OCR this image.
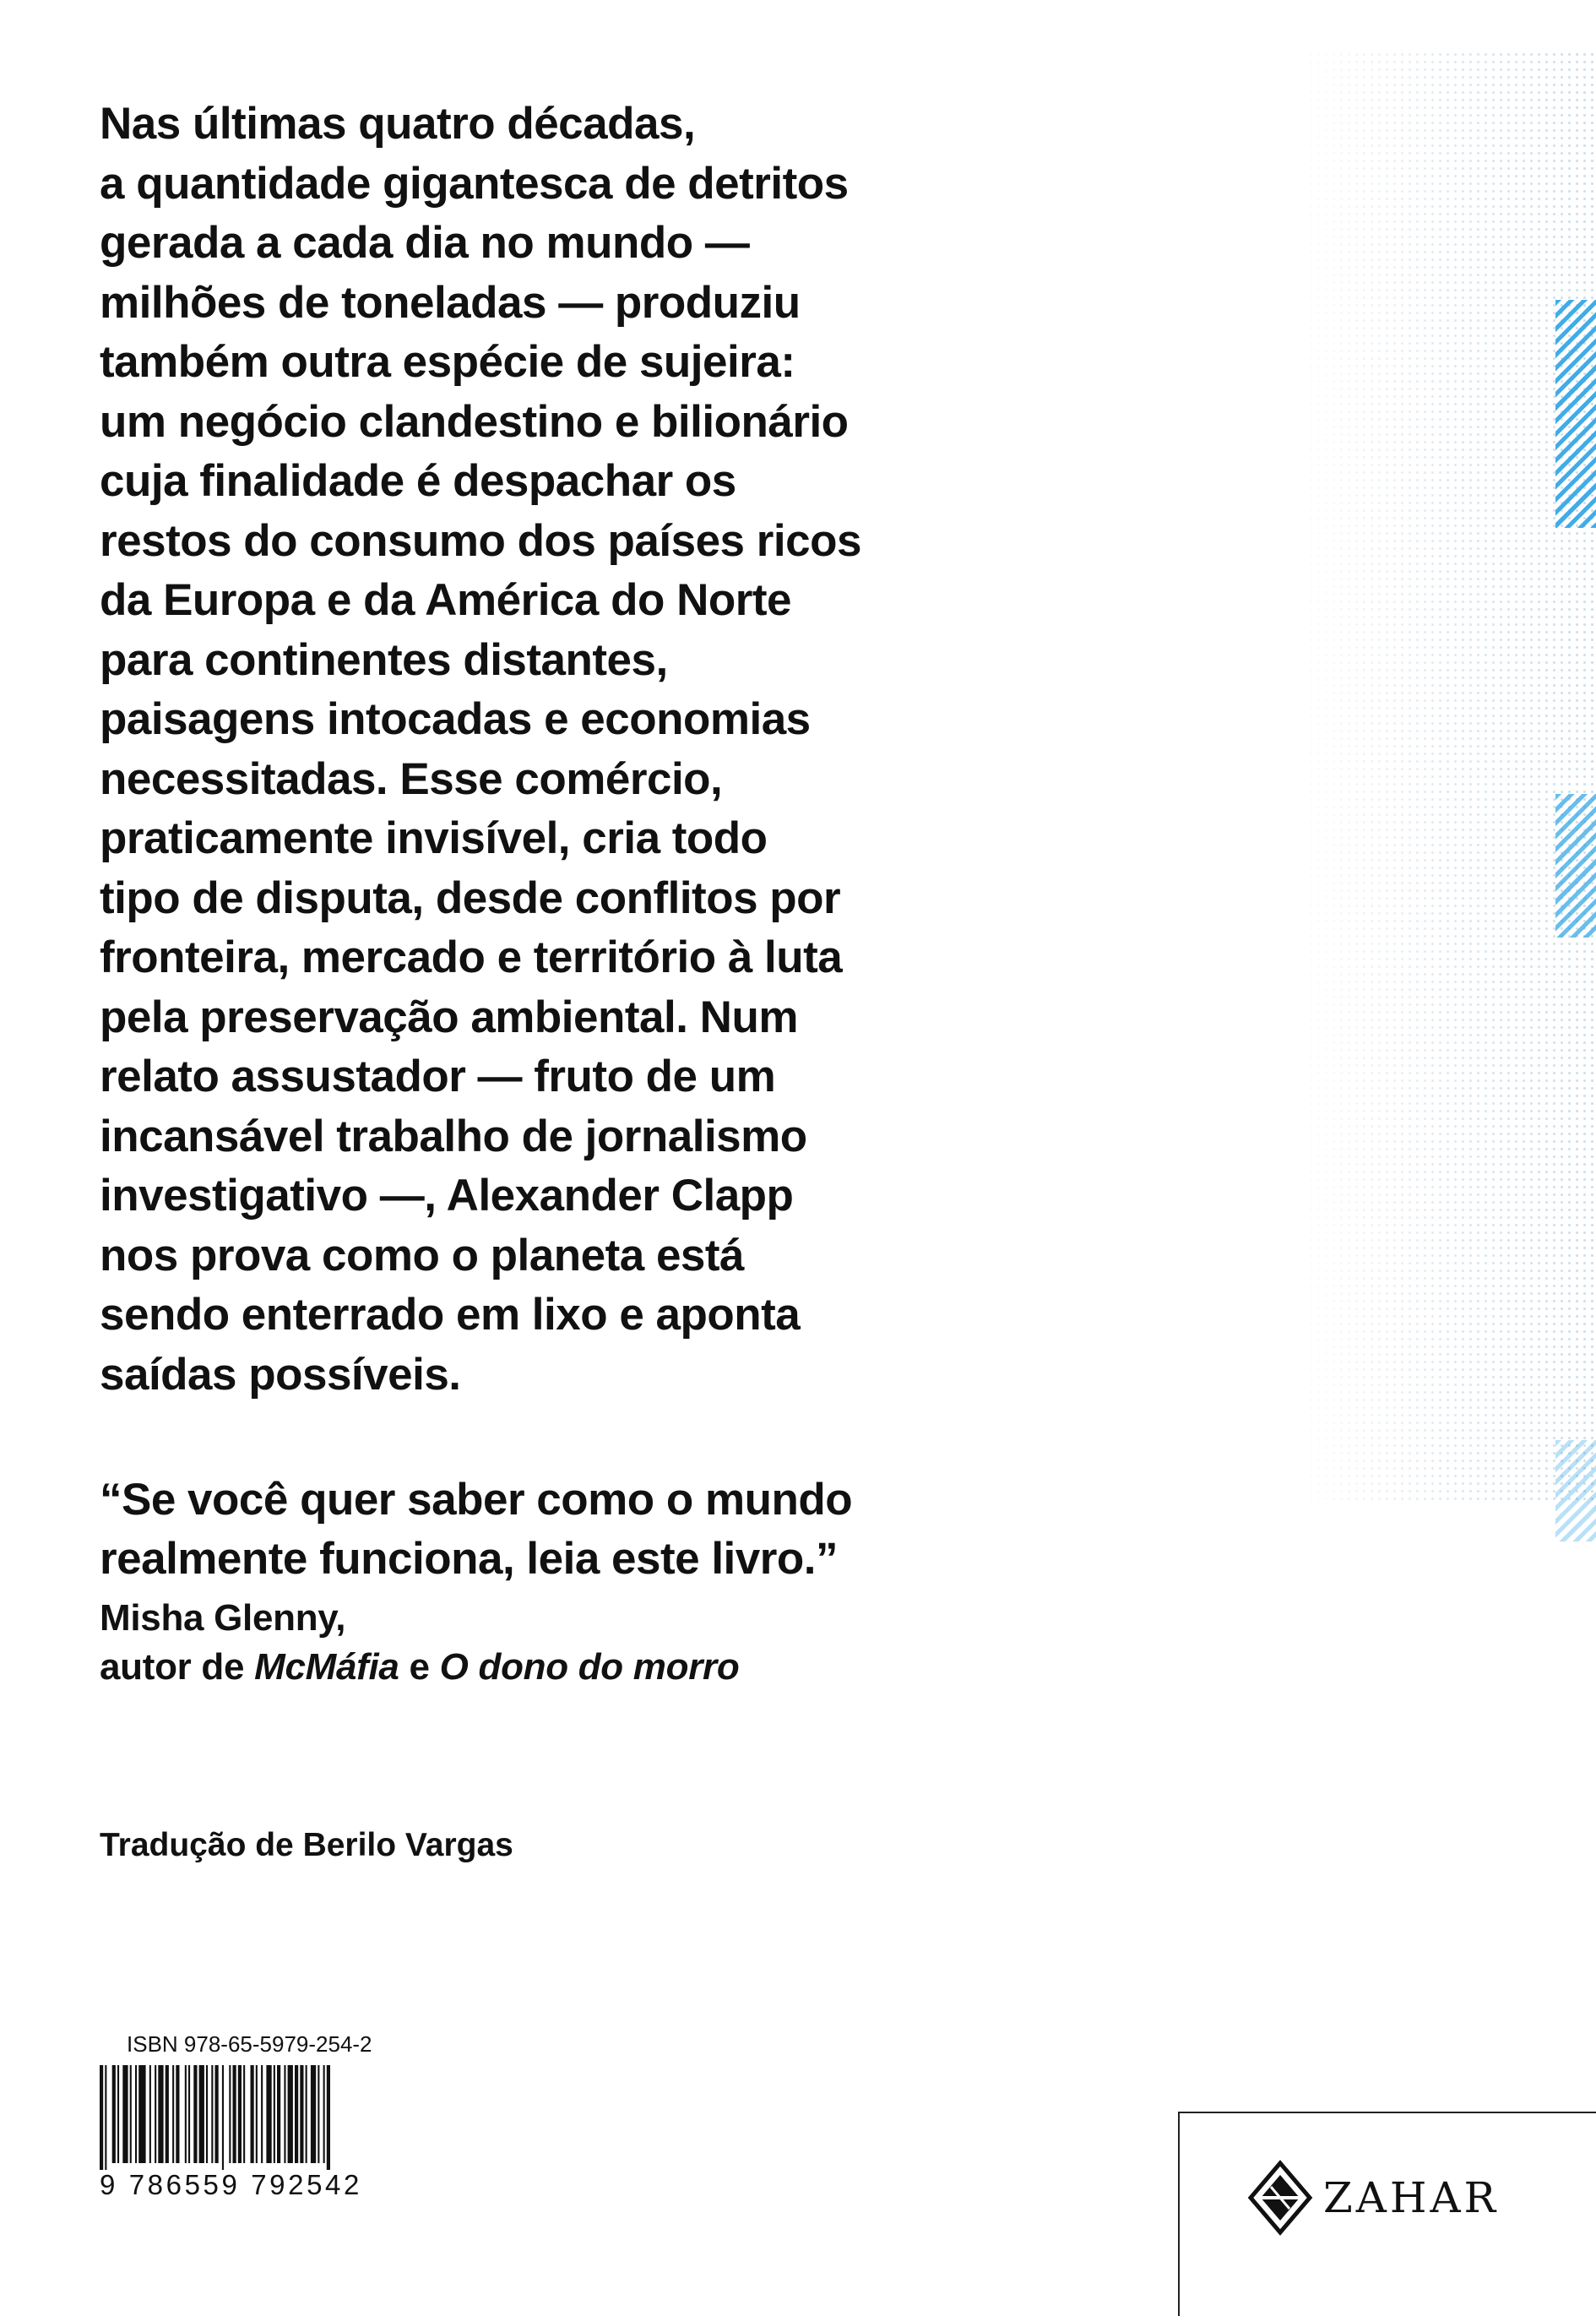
Nas últimas quatro décadas,
a quantidade gigantesca de detritos
gerada a cada dia no mundo —
milhões de toneladas — produziu
também outra espécie de sujeira:
um negócio clandestino e bilionário
cuja finalidade é despachar os
restos do consumo dos países ricos
da Europa e da América do Norte
para continentes distantes,
paisagens intocadas e economias
necessitadas. Esse comércio,
praticamente invisível, cria todo
tipo de disputa, desde conflitos por
fronteira, mercado e território à luta
pela preservação ambiental. Num
relato assustador — fruto de um
incansável trabalho de jornalismo
investigativo —, Alexander Clapp
nos prova como o planeta está
sendo enterrado em lixo e aponta
saídas possíveis.

“Se você quer saber como o mundo
realmente funciona, leia este livro.”

Misha Glenny,
autor de McMáfia e O dono do morro

Tradução de Berilo Vargas

ISBN 978-65-5979-254-2
9 786559 792542	ZAHAR
